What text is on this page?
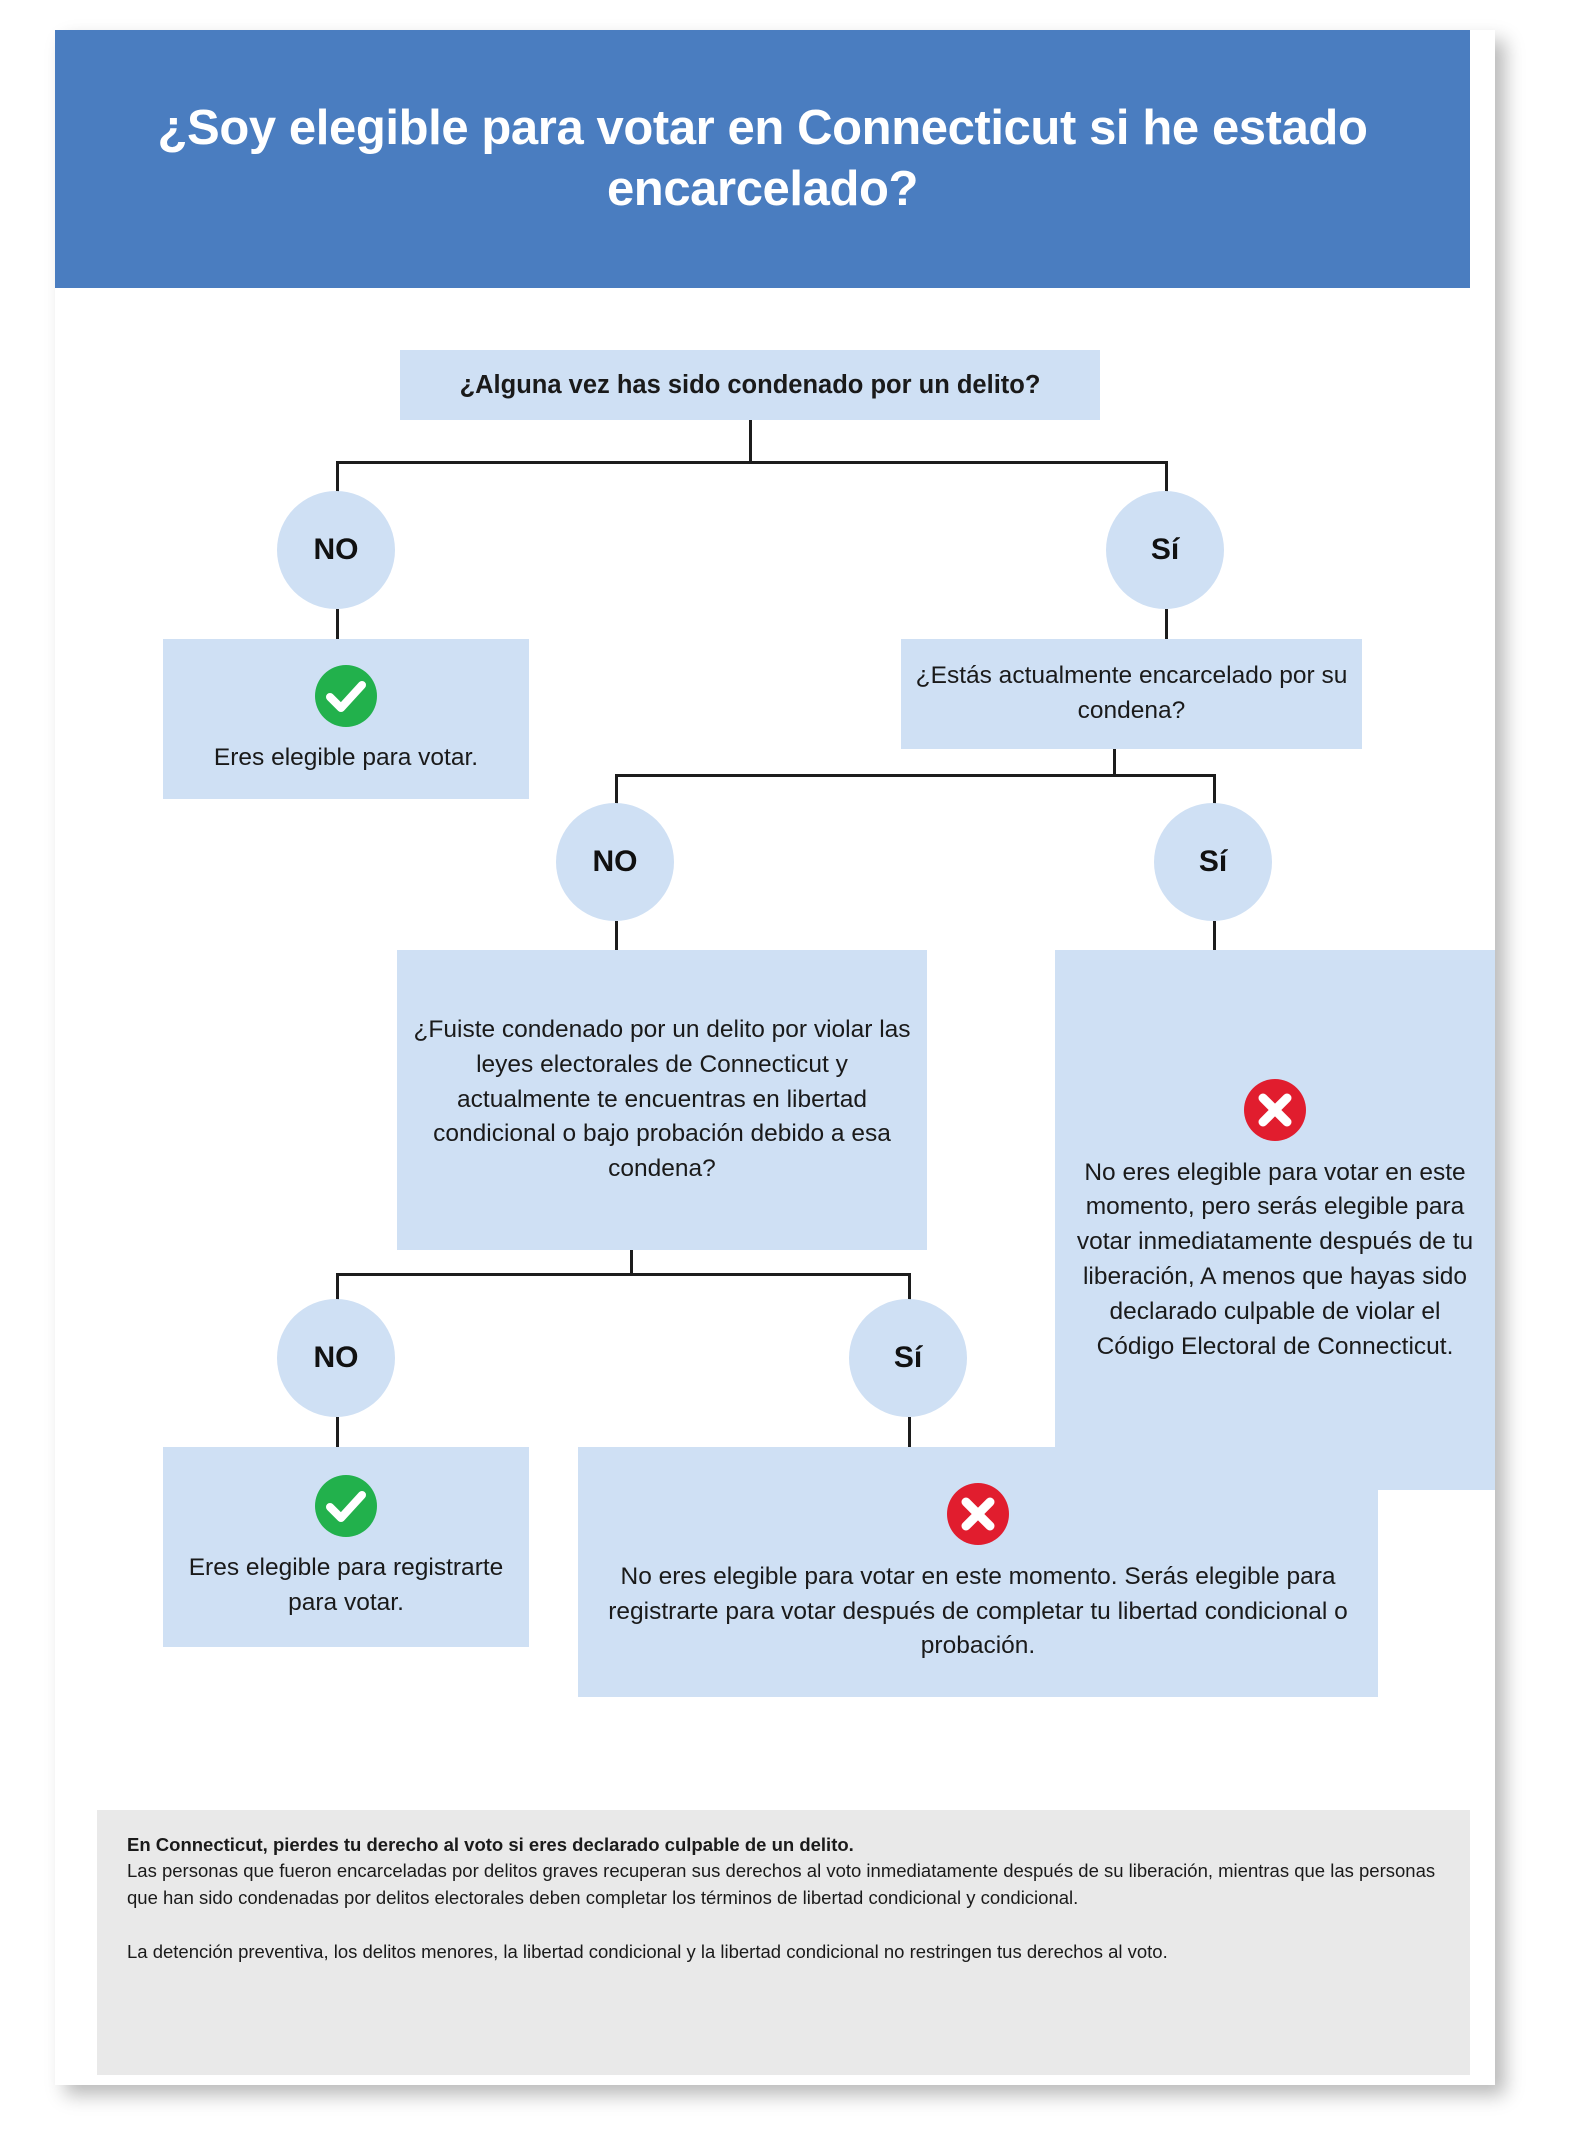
¿Soy elegible para votar en Connecticut si he estado encarcelado?
¿Alguna vez has sido condenado por un delito?
NO	Sí
Eres elegible para votar.
¿Estás actualmente encarcelado por su condena?
NO	Sí
¿Fuiste condenado por un delito por violar las leyes electorales de Connecticut y actualmente te encuentras en libertad condicional o bajo probación debido a esa condena?	No eres elegible para votar en este momento, pero serás elegible para votar inmediatamente después de tu liberación, A menos que hayas sido declarado culpable de violar el Código Electoral de Connecticut.
NO	Sí
Eres elegible para registrarte para votar.
No eres elegible para votar en este momento. Serás elegible para registrarte para votar después de completar tu libertad condicional o probación.

En Connecticut, pierdes tu derecho al voto si eres declarado culpable de un delito.

Las personas que fueron encarceladas por delitos graves recuperan sus derechos al voto inmediatamente después de su liberación, mientras que las personas que han sido condenadas por delitos electorales deben completar los términos de libertad condicional y condicional.

La detención preventiva, los delitos menores, la libertad condicional y la libertad condicional no restringen tus derechos al voto.
